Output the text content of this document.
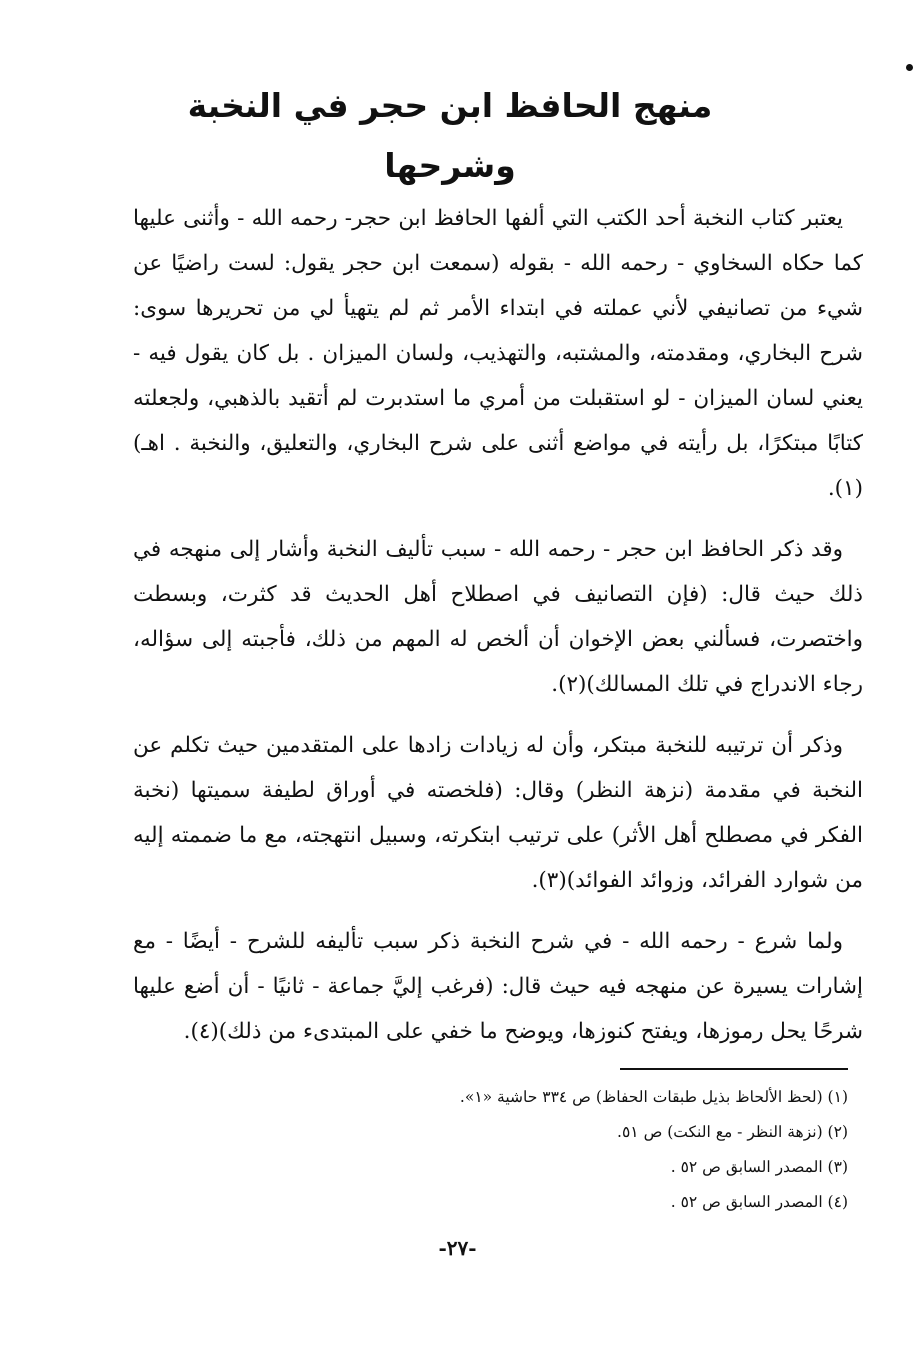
منهج الحافظ ابن حجر في النخبة وشرحها

يعتبر كتاب النخبة أحد الكتب التي ألفها الحافظ ابن حجر- رحمه الله - وأثنى عليها كما حكاه السخاوي - رحمه الله - بقوله (سمعت ابن حجر يقول: لست راضيًا عن شيء من تصانيفي لأني عملته في ابتداء الأمر ثم لم يتهيأ لي من تحريرها سوى: شرح البخاري، ومقدمته، والمشتبه، والتهذيب، ولسان الميزان . بل كان يقول فيه - يعني لسان الميزان - لو استقبلت من أمري ما استدبرت لم أتقيد بالذهبي، ولجعلته كتابًا مبتكرًا، بل رأيته في مواضع أثنى على شرح البخاري، والتعليق، والنخبة . اهـ)(١).

وقد ذكر الحافظ ابن حجر - رحمه الله - سبب تأليف النخبة وأشار إلى منهجه في ذلك حيث قال: (فإن التصانيف في اصطلاح أهل الحديث قد كثرت، وبسطت واختصرت، فسألني بعض الإخوان أن ألخص له المهم من ذلك، فأجبته إلى سؤاله، رجاء الاندراج في تلك المسالك)(٢).

وذكر أن ترتيبه للنخبة مبتكر، وأن له زيادات زادها على المتقدمين حيث تكلم عن النخبة في مقدمة (نزهة النظر) وقال: (فلخصته في أوراق لطيفة سميتها (نخبة الفكر في مصطلح أهل الأثر) على ترتيب ابتكرته، وسبيل انتهجته، مع ما ضممته إليه من شوارد الفرائد، وزوائد الفوائد)(٣).

ولما شرع - رحمه الله - في شرح النخبة ذكر سبب تأليفه للشرح - أيضًا - مع إشارات يسيرة عن منهجه فيه حيث قال: (فرغب إليَّ جماعة - ثانيًا - أن أضع عليها شرحًا يحل رموزها، ويفتح كنوزها، ويوضح ما خفي على المبتدىء من ذلك)(٤).

(١) (لحظ الألحاظ بذيل طبقات الحفاظ) ص ٣٣٤ حاشية «١».
(٢) (نزهة النظر - مع النكت) ص ٥١.
(٣) المصدر السابق ص ٥٢ .
(٤) المصدر السابق ص ٥٢ .
-٢٧-
